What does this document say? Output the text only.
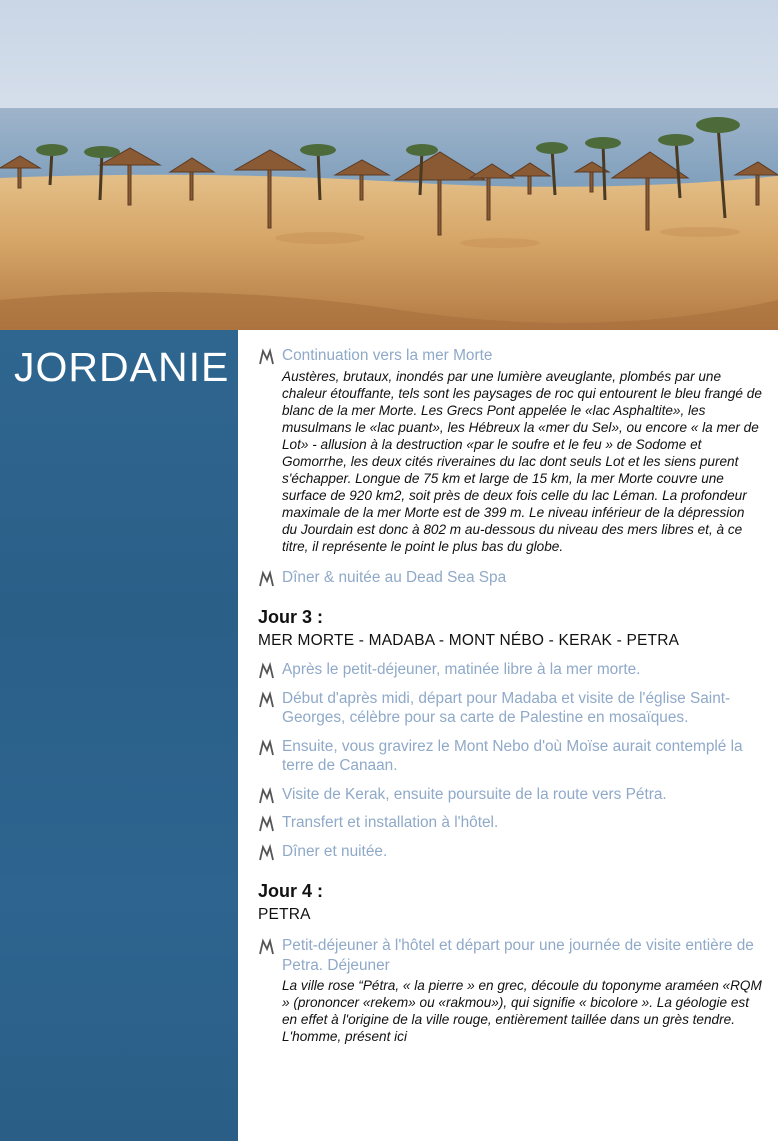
JORDANIE	Continuation vers la mer Morte
Austères, brutaux, inondés par une lumière aveuglante, plombés par une chaleur étouffante, tels sont les paysages de roc qui entourent le bleu frangé de blanc de la mer Morte. Les Grecs Pont appelée le «lac Asphaltite», les musulmans le «lac puant», les Hébreux la «mer du Sel», ou encore « la mer de Lot» - allusion à la destruction «par le soufre et le feu » de Sodome et Gomorrhe, les deux cités riveraines du lac dont seuls Lot et les siens purent s'échapper. Longue de 75 km et large de 15 km, la mer Morte couvre une surface de 920 km2, soit près de deux fois celle du lac Léman. La profondeur maximale de la mer Morte est de 399 m. Le niveau inférieur de la dépression du Jourdain est donc à 802 m au-dessous du niveau des mers libres et, à ce titre, il représente le point le plus bas du globe.
Dîner & nuitée au Dead Sea Spa
Jour 3 :
MER MORTE - MADABA - MONT NÉBO - KERAK - PETRA
Après le petit-déjeuner, matinée libre à la mer morte.
Début d'après midi, départ pour Madaba et visite de l'église Saint-Georges, célèbre pour sa carte de Palestine en mosaïques.
Ensuite, vous gravirez le Mont Nebo d'où Moïse aurait contemplé la terre de Canaan.
Visite de Kerak, ensuite poursuite de la route vers Pétra.
Transfert et installation à l'hôtel.
Dîner et nuitée.
Jour 4 :
PETRA
Petit-déjeuner à l'hôtel et départ pour une journée de visite entière de Petra. Déjeuner
La ville rose “Pétra, « la pierre » en grec, découle du toponyme araméen «RQM » (prononcer «rekem» ou «rakmou»), qui signifie « bicolore ». La géologie est en effet à l'origine de la ville rouge, entièrement taillée dans un grès tendre. L'homme, présent ici
